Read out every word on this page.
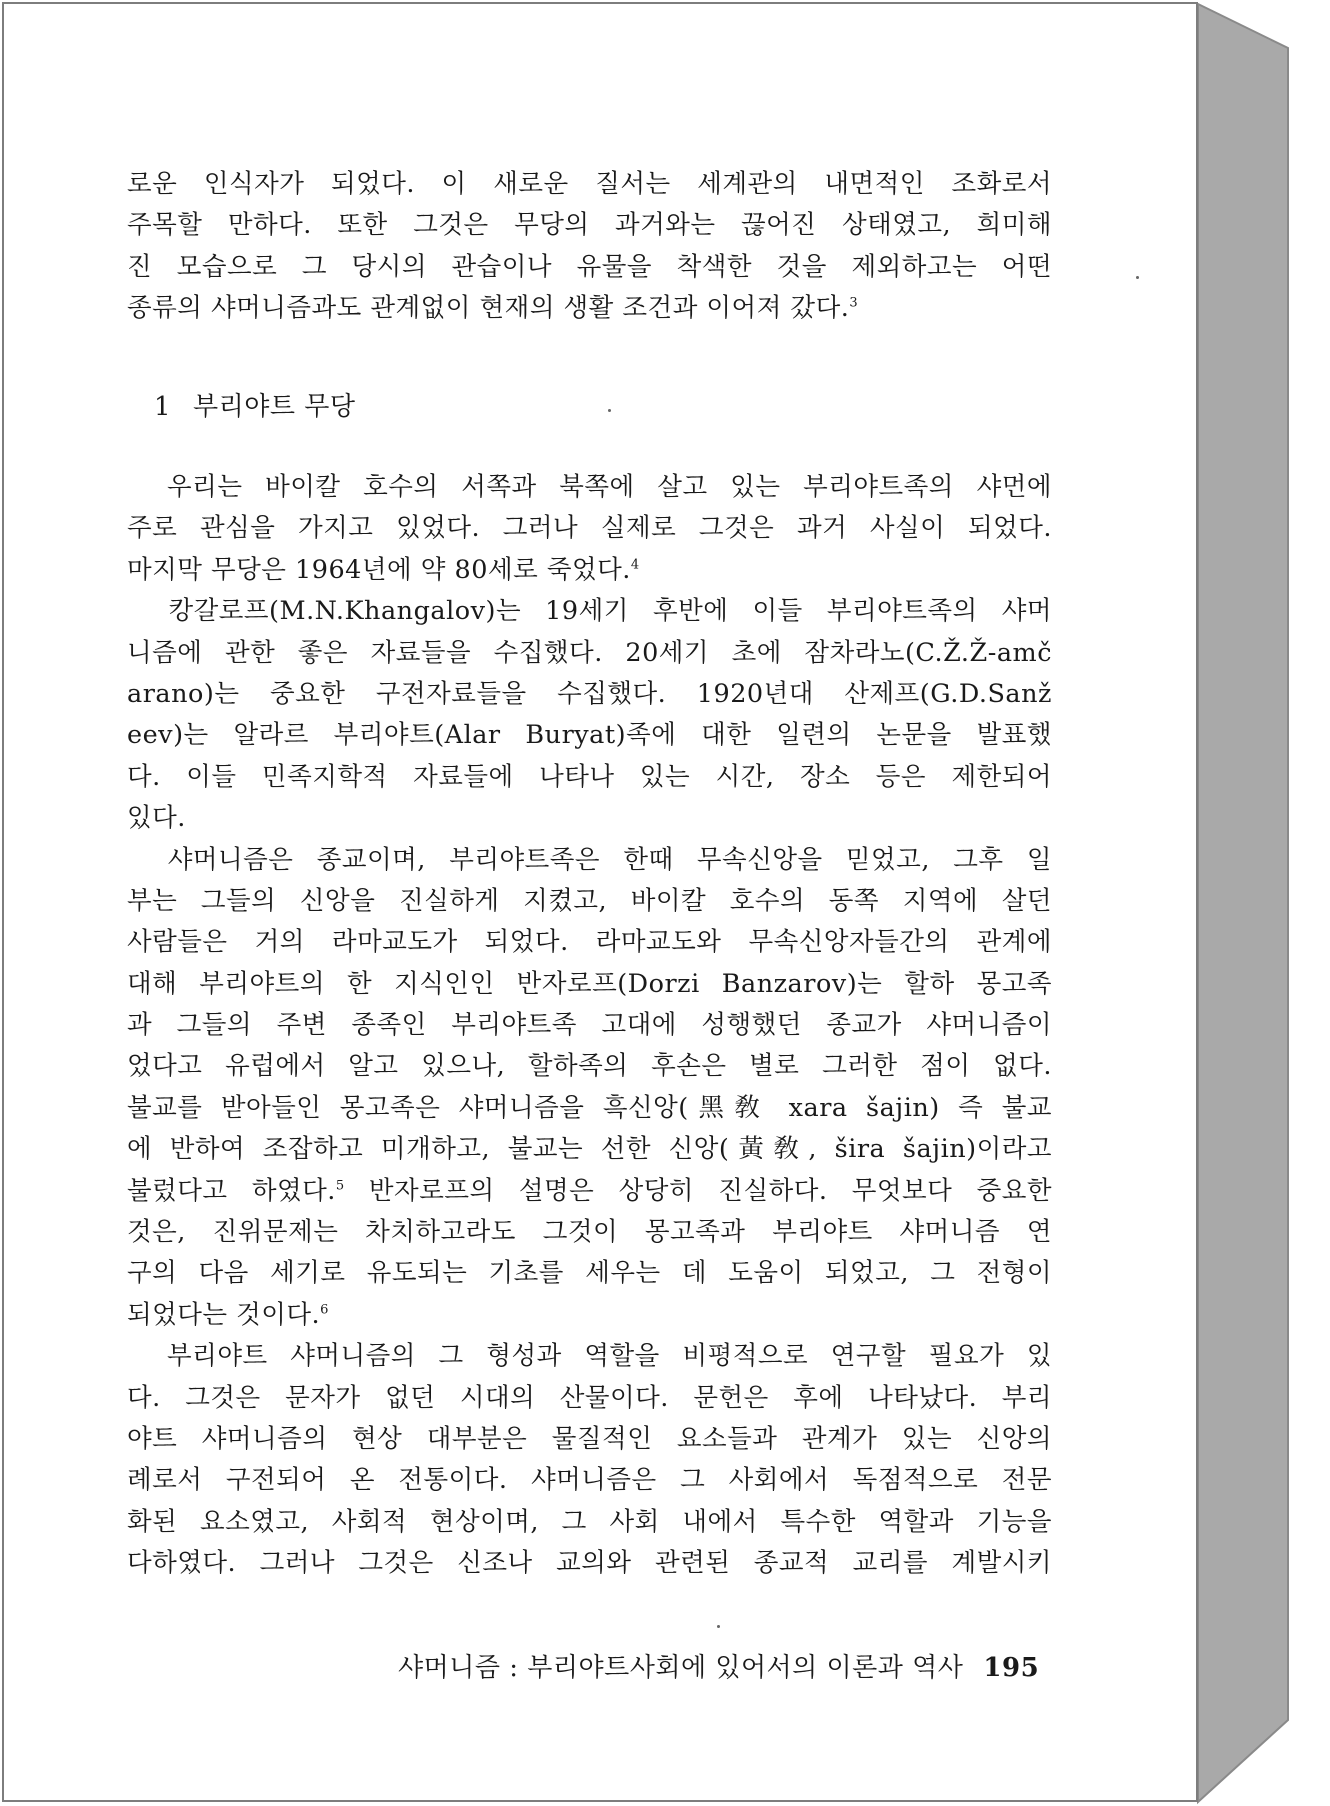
로운 인식자가 되었다. 이 새로운 질서는 세계관의 내면적인 조화로서
주목할 만하다. 또한 그것은 무당의 과거와는 끊어진 상태였고, 희미해
진 모습으로 그 당시의 관습이나 유물을 착색한 것을 제외하고는 어떤
종류의 샤머니즘과도 관계없이 현재의 생활 조건과 이어져 갔다.$^3$
1 부리야트 무당
　우리는 바이칼 호수의 서쪽과 북쪽에 살고 있는 부리야트족의 샤먼에
주로 관심을 가지고 있었다. 그러나 실제로 그것은 과거 사실이 되었다.
마지막 무당은 1964년에 약 80세로 죽었다.$^4$
　캉갈로프(M.N.Khangalov)는 19세기 후반에 이들 부리야트족의 샤머
니즘에 관한 좋은 자료들을 수집했다. 20세기 초에 잠차라노(C.Ž.Ž-amč
arano)는 중요한 구전자료들을 수집했다. 1920년대 산제프(G.D.Sanž
eev)는 알라르 부리야트(Alar Buryat)족에 대한 일련의 논문을 발표했
다. 이들 민족지학적 자료들에 나타나 있는 시간, 장소 등은 제한되어
있다.
　샤머니즘은 종교이며, 부리야트족은 한때 무속신앙을 믿었고, 그후 일
부는 그들의 신앙을 진실하게 지켰고, 바이칼 호수의 동쪽 지역에 살던
사람들은 거의 라마교도가 되었다. 라마교도와 무속신앙자들간의 관계에
대해 부리야트의 한 지식인인 반자로프(Dorzi Banzarov)는 할하 몽고족
과 그들의 주변 종족인 부리야트족 고대에 성행했던 종교가 샤머니즘이
었다고 유럽에서 알고 있으나, 할하족의 후손은 별로 그러한 점이 없다.
불교를 받아들인 몽고족은 샤머니즘을 흑신앙(黑敎 xara šajin) 즉 불교
에 반하여 조잡하고 미개하고, 불교는 선한 신앙(黃敎, šira šajin)이라고
불렀다고 하였다.$^5$ 반자로프의 설명은 상당히 진실하다. 무엇보다 중요한
것은, 진위문제는 차치하고라도 그것이 몽고족과 부리야트 샤머니즘 연
구의 다음 세기로 유도되는 기초를 세우는 데 도움이 되었고, 그 전형이
되었다는 것이다.$^6$
　부리야트 샤머니즘의 그 형성과 역할을 비평적으로 연구할 필요가 있
다. 그것은 문자가 없던 시대의 산물이다. 문헌은 후에 나타났다. 부리
야트 샤머니즘의 현상 대부분은 물질적인 요소들과 관계가 있는 신앙의
례로서 구전되어 온 전통이다. 샤머니즘은 그 사회에서 독점적으로 전문
화된 요소였고, 사회적 현상이며, 그 사회 내에서 특수한 역할과 기능을
다하였다. 그러나 그것은 신조나 교의와 관련된 종교적 교리를 계발시키
샤머니즘 : 부리야트사회에 있어서의 이론과 역사 195
